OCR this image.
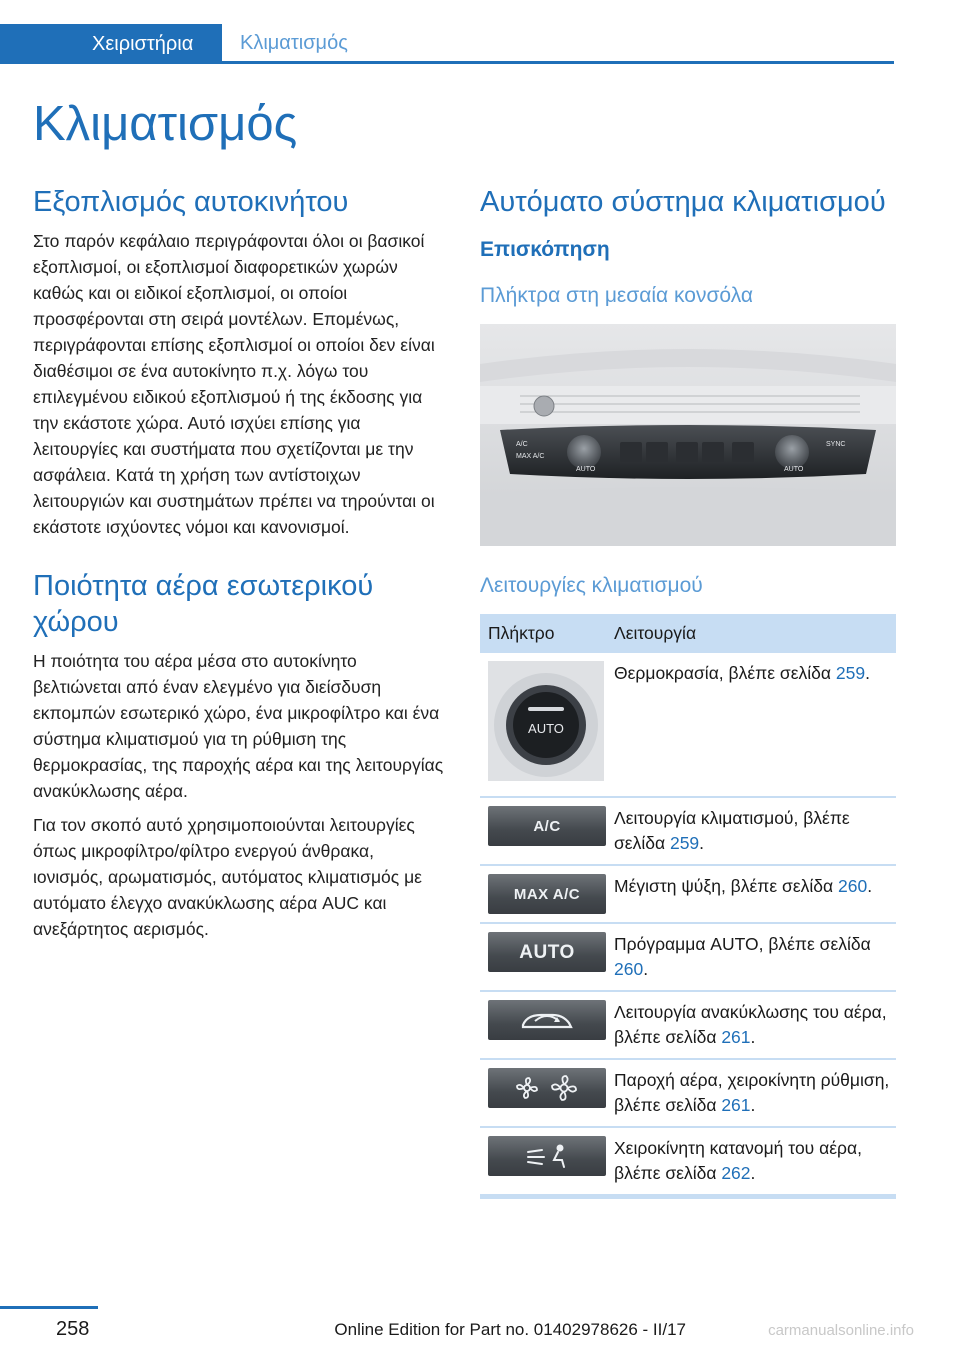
Χειριστήρια	Κλιματισμός
Κλιματισμός
Εξοπλισμός αυτοκινήτου

Στο παρόν κεφάλαιο περιγράφονται όλοι οι βασικοί εξοπλισμοί, οι εξοπλισμοί διαφορετικών χωρών καθώς και οι ειδικοί εξοπλισμοί, οι οποίοι προσφέρονται στη σειρά μοντέλων. Επομένως, περιγράφονται επίσης εξοπλισμοί οι οποίοι δεν είναι διαθέσιμοι σε ένα αυτοκίνητο π.χ. λόγω του επιλεγμένου ειδικού εξοπλισμού ή της έκδοσης για την εκάστοτε χώρα. Αυτό ισχύει επίσης για λειτουργίες και συστήματα που σχετίζονται με την ασφάλεια. Κατά τη χρήση των αντίστοιχων λειτουργιών και συστημάτων πρέπει να τηρούνται οι εκάστοτε ισχύοντες νόμοι και κανονισμοί.

Ποιότητα αέρα εσωτερικού χώρου

Η ποιότητα του αέρα μέσα στο αυτοκίνητο βελτιώνεται από έναν ελεγμένο για διείσδυση εκπομπών εσωτερικό χώρο, ένα μικροφίλτρο και ένα σύστημα κλιματισμού για τη ρύθμιση της θερμοκρασίας, της παροχής αέρα και της λειτουργίας ανακύκλωσης αέρα.

Για τον σκοπό αυτό χρησιμοποιούνται λειτουργίες όπως μικροφίλτρο/φίλτρο ενεργού άνθρακα, ιονισμός, αρωματισμός, αυτόματος κλιματισμός με αυτόματο έλεγχο ανακύκλωσης αέρα AUC και ανεξάρτητος αερισμός.

Αυτόματο σύστημα κλιματισμού
Επισκόπηση
Πλήκτρα στη μεσαία κονσόλα
A/C
MAX A/C
AUTO	AUTO
SYNC
Λειτουργίες κλιματισμού
Πλήκτρο	Λειτουργία

AUTO	Θερμοκρασία, βλέπε σελίδα 259.

A/C	Λειτουργία κλιματισμού, βλέπε σελίδα 259.

MAX A/C	Μέγιστη ψύξη, βλέπε σελίδα 260.

AUTO	Πρόγραμμα AUTO, βλέπε σελίδα 260.

	Λειτουργία ανακύκλωσης του αέρα, βλέπε σελίδα 261.

	Παροχή αέρα, χειροκίνητη ρύθμιση, βλέπε σελίδα 261.

	Χειροκίνητη κατανομή του αέρα, βλέπε σελίδα 262.
258	Online Edition for Part no. 01402978626 - II/17	carmanualsonline.info
